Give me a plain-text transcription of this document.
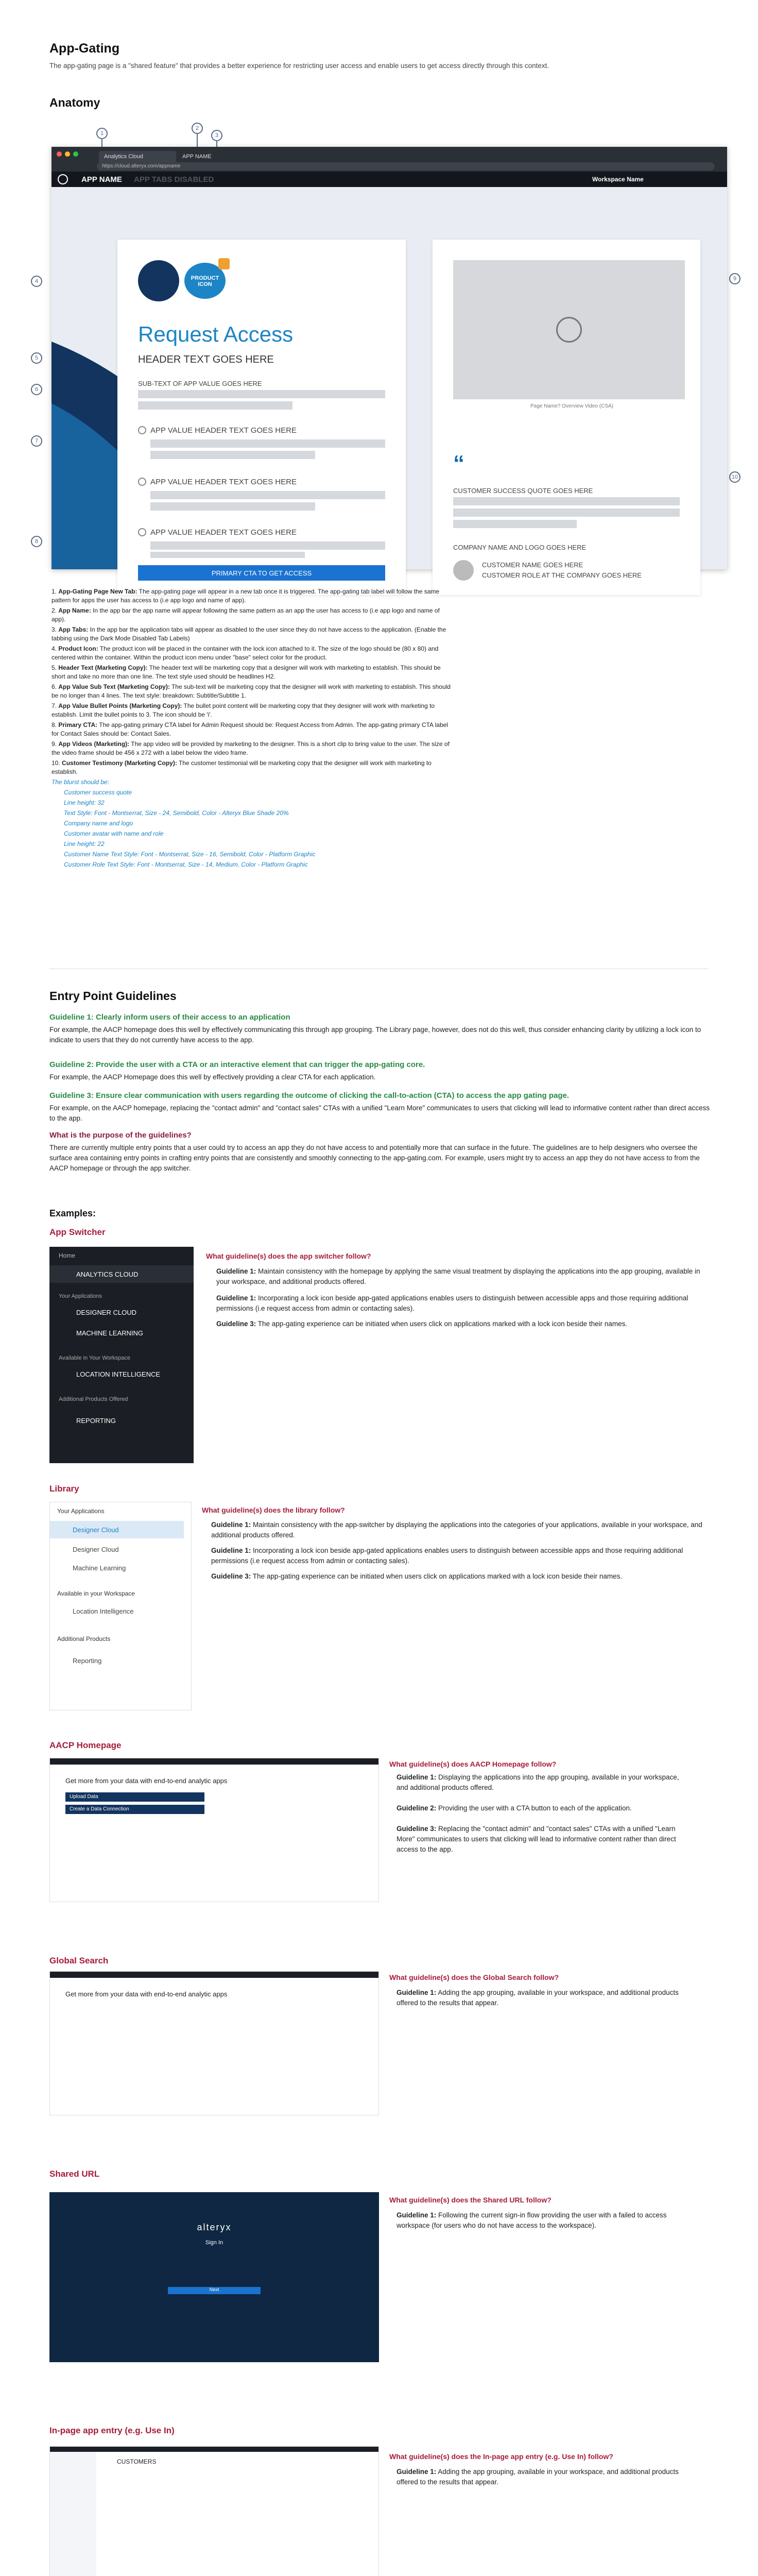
App-Gating
The app-gating page is a "shared feature" that provides a better experience for restricting user access and enable users to get access directly through this context.
Anatomy
1
2
3
4
5
6
7
8
9
10
Analytics Cloud	APP NAME
https://cloud.alteryx.com/appname
APP NAME APP TABS DISABLED	Workspace Name
PRODUCT ICON
Request Access
HEADER TEXT GOES HERE
SUB-TEXT OF APP VALUE GOES HERE
APP VALUE HEADER TEXT GOES HERE
APP VALUE HEADER TEXT GOES HERE
APP VALUE HEADER TEXT GOES HERE
PRIMARY CTA TO GET ACCESS
Page Name? Overview Video (CSA)
“
CUSTOMER SUCCESS QUOTE GOES HERE
COMPANY NAME AND LOGO GOES HERE
CUSTOMER NAME GOES HERE
CUSTOMER ROLE AT THE COMPANY GOES HERE
1. App-Gating Page New Tab: The app-gating page will appear in a new tab once it is triggered. The app-gating tab label will follow the same pattern for apps the user has access to (i.e app logo and name of app).
2. App Name: In the app bar the app name will appear following the same pattern as an app the user has access to (i.e app logo and name of app).
3. App Tabs: In the app bar the application tabs will appear as disabled to the user since they do not have access to the application. (Enable the tabbing using the Dark Mode Disabled Tab Labels)
4. Product Icon: The product icon will be placed in the container with the lock icon attached to it. The size of the logo should be (80 x 80) and centered within the container. Within the product icon menu under "base" select color for the product.
5. Header Text (Marketing Copy): The header text will be marketing copy that a designer will work with marketing to establish. This should be short and take no more than one line. The text style used should be headlines H2.
6. App Value Sub Text (Marketing Copy): The sub-text will be marketing copy that the designer will work with marketing to establish. This should be no longer than 4 lines. The text style: breakdown: Subtitle/Subtitle 1.
7. App Value Bullet Points (Marketing Copy): The bullet point content will be marketing copy that they designer will work with marketing to establish. Limit the bullet points to 3. The icon should be 'i'.
8. Primary CTA: The app-gating primary CTA label for Admin Request should be: Request Access from Admin. The app-gating primary CTA label for Contact Sales should be: Contact Sales.
9. App Videos (Marketing): The app video will be provided by marketing to the designer. This is a short clip to bring value to the user. The size of the video frame should be 456 x 272 with a label below the video frame.
10. Customer Testimony (Marketing Copy): The customer testimonial will be marketing copy that the designer will work with marketing to establish.
The blurst should be:
Customer success quote
Line height: 32
Text Style: Font - Montserrat, Size - 24, Semibold, Color - Alteryx Blue Shade 20%
Company name and logo
Customer avatar with name and role
Line height: 22
Customer Name Text Style: Font - Montserrat, Size - 16, Semibold, Color - Platform Graphic
Customer Role Text Style: Font - Montserrat, Size - 14, Medium, Color - Platform Graphic
Entry Point Guidelines
Guideline 1: Clearly inform users of their access to an application

For example, the AACP homepage does this well by effectively communicating this through app grouping. The Library page, however, does not do this well, thus consider enhancing clarity by utilizing a lock icon to indicate to users that they do not currently have access to the app.

Guideline 2: Provide the user with a CTA or an interactive element that can trigger the app-gating core.

For example, the AACP Homepage does this well by effectively providing a clear CTA for each application.

Guideline 3: Ensure clear communication with users regarding the outcome of clicking the call-to-action (CTA) to access the app gating page.

For example, on the AACP homepage, replacing the "contact admin" and "contact sales" CTAs with a unified "Learn More" communicates to users that clicking will lead to informative content rather than direct access to the app.

What is the purpose of the guidelines?

There are currently multiple entry points that a user could try to access an app they do not have access to and potentially more that can surface in the future. The guidelines are to help designers who oversee the surface area containing entry points in crafting entry points that are consistently and smoothly connecting to the app-gating.com. For example, users might try to access an app they do not have access to from the AACP homepage or through the app switcher.

Examples:
App Switcher
Home
ANALYTICS CLOUD
Your Applications
DESIGNER CLOUD
MACHINE LEARNING
Available in Your Workspace
LOCATION INTELLIGENCE
Additional Products Offered
REPORTING
What guideline(s) does the app switcher follow?
Guideline 1: Maintain consistency with the homepage by applying the same visual treatment by displaying the applications into the app grouping, available in your workspace, and additional products offered.
Guideline 1: Incorporating a lock icon beside app-gated applications enables users to distinguish between accessible apps and those requiring additional permissions (i.e request access from admin or contacting sales).
Guideline 3: The app-gating experience can be initiated when users click on applications marked with a lock icon beside their names.
Library
Your Applications
Designer Cloud
Designer Cloud
Machine Learning
Available in your Workspace
Location Intelligence
Additional Products
Reporting
What guideline(s) does the library follow?
Guideline 1: Maintain consistency with the app-switcher by displaying the applications into the categories of your applications, available in your workspace, and additional products offered.
Guideline 1: Incorporating a lock icon beside app-gated applications enables users to distinguish between accessible apps and those requiring additional permissions (i.e request access from admin or contacting sales).
Guideline 3: The app-gating experience can be initiated when users click on applications marked with a lock icon beside their names.
AACP Homepage
Get more from your data with end-to-end analytic apps
Upload Data
Create a Data Connection
What guideline(s) does AACP Homepage follow?
Guideline 1: Displaying the applications into the app grouping, available in your workspace, and additional products offered.
Guideline 2: Providing the user with a CTA button to each of the application.
Guideline 3: Replacing the "contact admin" and "contact sales" CTAs with a unified "Learn More" communicates to users that clicking will lead to informative content rather than direct access to the app.
Global Search
Get more from your data with end-to-end analytic apps
What guideline(s) does the Global Search follow?
Guideline 1: Adding the app grouping, available in your workspace, and additional products offered to the results that appear.
Shared URL
alteryx
Sign In
Next
What guideline(s) does the Shared URL follow?
Guideline 1: Following the current sign-in flow providing the user with a failed to access workspace (for users who do not have access to the workspace).
In-page app entry (e.g. Use In)
CUSTOMERS
What guideline(s) does the In-page app entry (e.g. Use In) follow?
Guideline 1: Adding the app grouping, available in your workspace, and additional products offered to the results that appear.
